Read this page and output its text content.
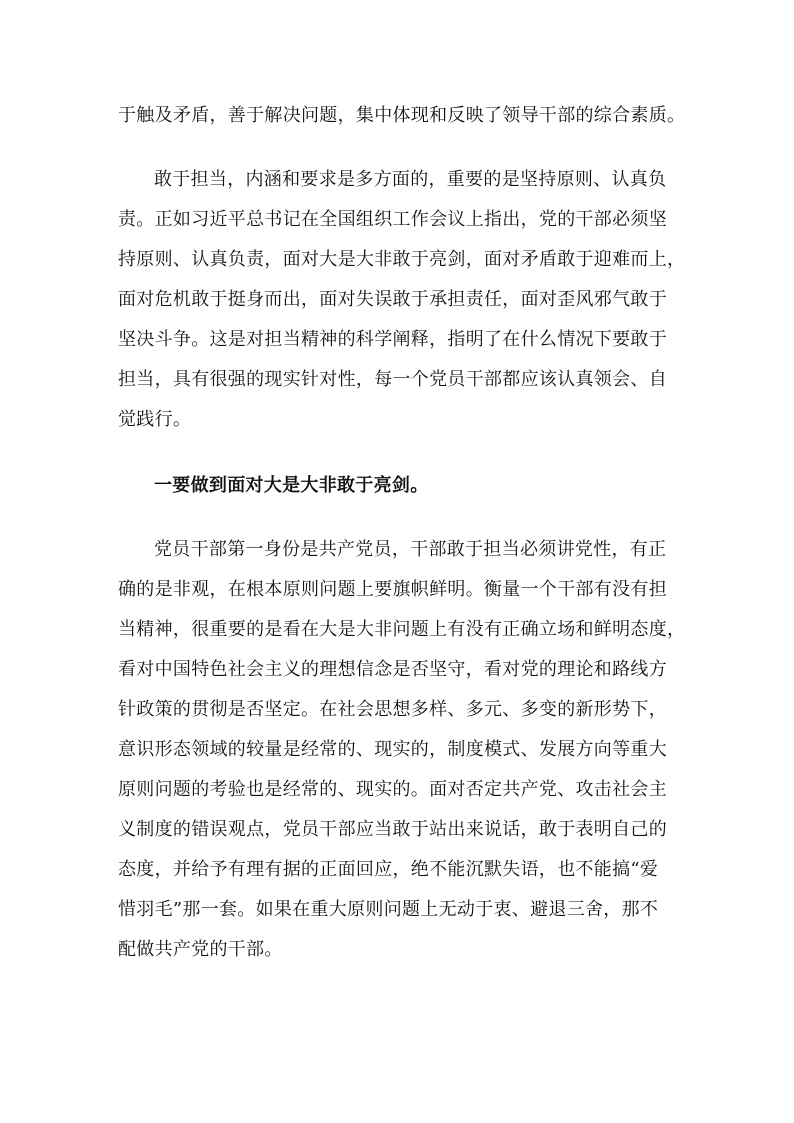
于触及矛盾，善于解决问题，集中体现和反映了领导干部的综合素质。
敢于担当，内涵和要求是多方面的，重要的是坚持原则、认真负
责。正如习近平总书记在全国组织工作会议上指出，党的干部必须坚
持原则、认真负责，面对大是大非敢于亮剑，面对矛盾敢于迎难而上，
面对危机敢于挺身而出，面对失误敢于承担责任，面对歪风邪气敢于
坚决斗争。这是对担当精神的科学阐释，指明了在什么情况下要敢于
担当，具有很强的现实针对性，每一个党员干部都应该认真领会、自
觉践行。
一要做到面对大是大非敢于亮剑。
党员干部第一身份是共产党员，干部敢于担当必须讲党性，有正
确的是非观，在根本原则问题上要旗帜鲜明。衡量一个干部有没有担
当精神，很重要的是看在大是大非问题上有没有正确立场和鲜明态度，
看对中国特色社会主义的理想信念是否坚守，看对党的理论和路线方
针政策的贯彻是否坚定。在社会思想多样、多元、多变的新形势下，
意识形态领域的较量是经常的、现实的，制度模式、发展方向等重大
原则问题的考验也是经常的、现实的。面对否定共产党、攻击社会主
义制度的错误观点，党员干部应当敢于站出来说话，敢于表明自己的
态度，并给予有理有据的正面回应，绝不能沉默失语，也不能搞“爱
惜羽毛”那一套。如果在重大原则问题上无动于衷、避退三舍，那不
配做共产党的干部。
